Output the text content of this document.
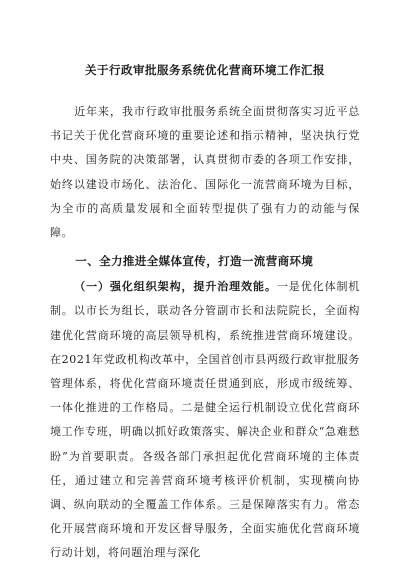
关于行政审批服务系统优化营商环境工作汇报

近年来，我市行政审批服务系统全面贯彻落实习近平总书记关于优化营商环境的重要论述和指示精神，坚决执行党中央、国务院的决策部署，认真贯彻市委的各项工作安排，始终以建设市场化、法治化、国际化一流营商环境为目标，为全市的高质量发展和全面转型提供了强有力的动能与保障。

一、全力推进全媒体宣传，打造一流营商环境

（一）强化组织架构，提升治理效能。一是优化体制机制。以市长为组长，联动各分管副市长和法院院长，全面构建优化营商环境的高层领导机构，系统推进营商环境建设。在2021年党政机构改革中，全国首创市县两级行政审批服务管理体系，将优化营商环境责任贯通到底，形成市级统筹、一体化推进的工作格局。二是健全运行机制设立优化营商环境工作专班，明确以抓好政策落实、解决企业和群众“急难愁盼”为首要职责。各级各部门承担起优化营商环境的主体责任，通过建立和完善营商环境考核评价机制，实现横向协调、纵向联动的全覆盖工作体系。三是保障落实有力。常态化开展营商环境和开发区督导服务，全面实施优化营商环境行动计划，将问题治理与深化
